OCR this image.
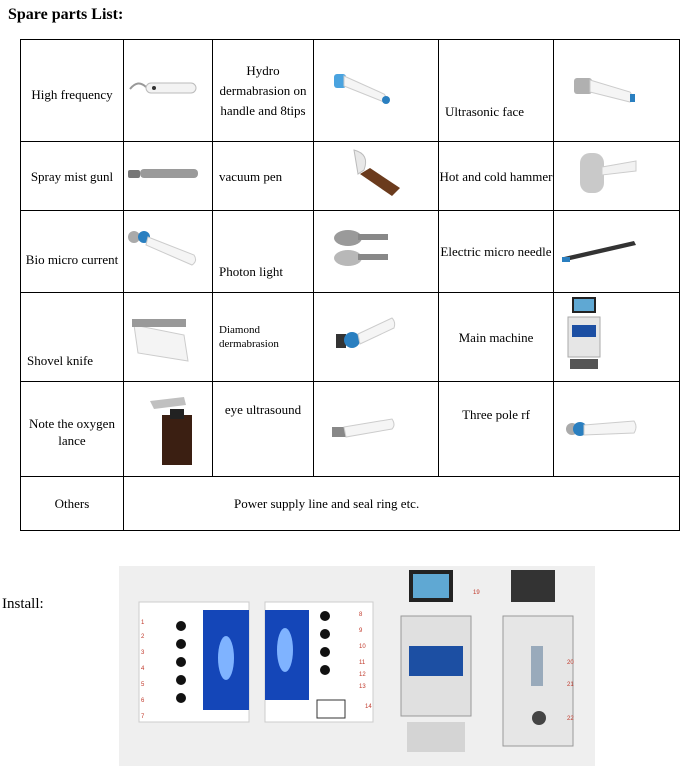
Spare parts List:
High frequency		Hydro dermabrasion on handle and 8tips		Ultrasonic face

Spray mist gunl		vacuum pen		Hot and cold hammer

Bio micro current		Photon light		Electric micro needle

Shovel knife		Diamond dermabrasion		Main machine

Note the oxygen lance		eye ultrasound		Three pole rf

Others	Power supply line and seal ring etc.				
Install:
1
2
3
4
5
6
7
8
9
10
11
12
13
14
19
20
21
22
